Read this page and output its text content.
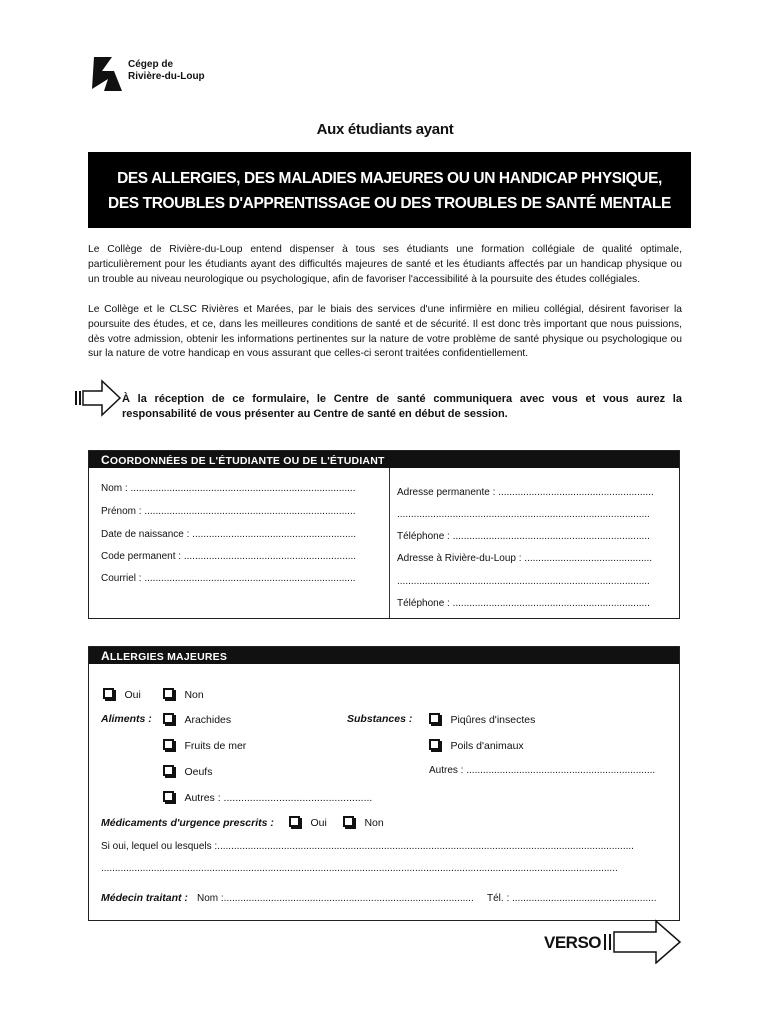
Cégep de
Rivière-du-Loup
Aux étudiants ayant
DES ALLERGIES, DES MALADIES MAJEURES OU UN HANDICAP PHYSIQUE,
DES TROUBLES D'APPRENTISSAGE OU DES TROUBLES DE SANTÉ MENTALE
Le Collège de Rivière-du-Loup entend dispenser à tous ses étudiants une formation collégiale de qualité optimale, particulièrement pour les étudiants ayant des difficultés majeures de santé et les étudiants affectés par un handicap physique ou un trouble au niveau neurologique ou psychologique, afin de favoriser l'accessibilité à la poursuite des études collégiales.
Le Collège et le CLSC Rivières et Marées, par le biais des services d'une infirmière en milieu collégial, désirent favoriser la poursuite des études, et ce, dans les meilleures conditions de santé et de sécurité. Il est donc très important que nous puissions, dès votre admission, obtenir les informations pertinentes sur la nature de votre problème de santé physique ou psychologique ou sur la nature de votre handicap en vous assurant que celles-ci seront traitées confidentiellement.
À la réception de ce formulaire, le Centre de santé communiquera avec vous et vous aurez la responsabilité de vous présenter au Centre de santé en début de session.
COORDONNÉES DE L'ÉTUDIANTE OU DE L'ÉTUDIANT
Nom : .................................................................................
Prénom : ............................................................................
Date de naissance : ...........................................................
Code permanent : ..............................................................
Courriel : ............................................................................
Adresse permanente : ........................................................
...........................................................................................
Téléphone : .......................................................................
Adresse à Rivière-du-Loup : ..............................................
...........................................................................................
Téléphone : .......................................................................
ALLERGIES MAJEURES
Oui	Non
Aliments :	Arachides
Fruits de mer
Oeufs
Autres : ...................................................
Substances :	Piqûres d'insectes
Poils d'animaux
Autres : ....................................................................
Médicaments d'urgence prescrits :	Oui	Non
Si oui, lequel ou lesquels :......................................................................................................................................................
..........................................................................................................................................................................................
Médecin traitant : Nom :..........................................................................................	Tél. : ....................................................
VERSO
